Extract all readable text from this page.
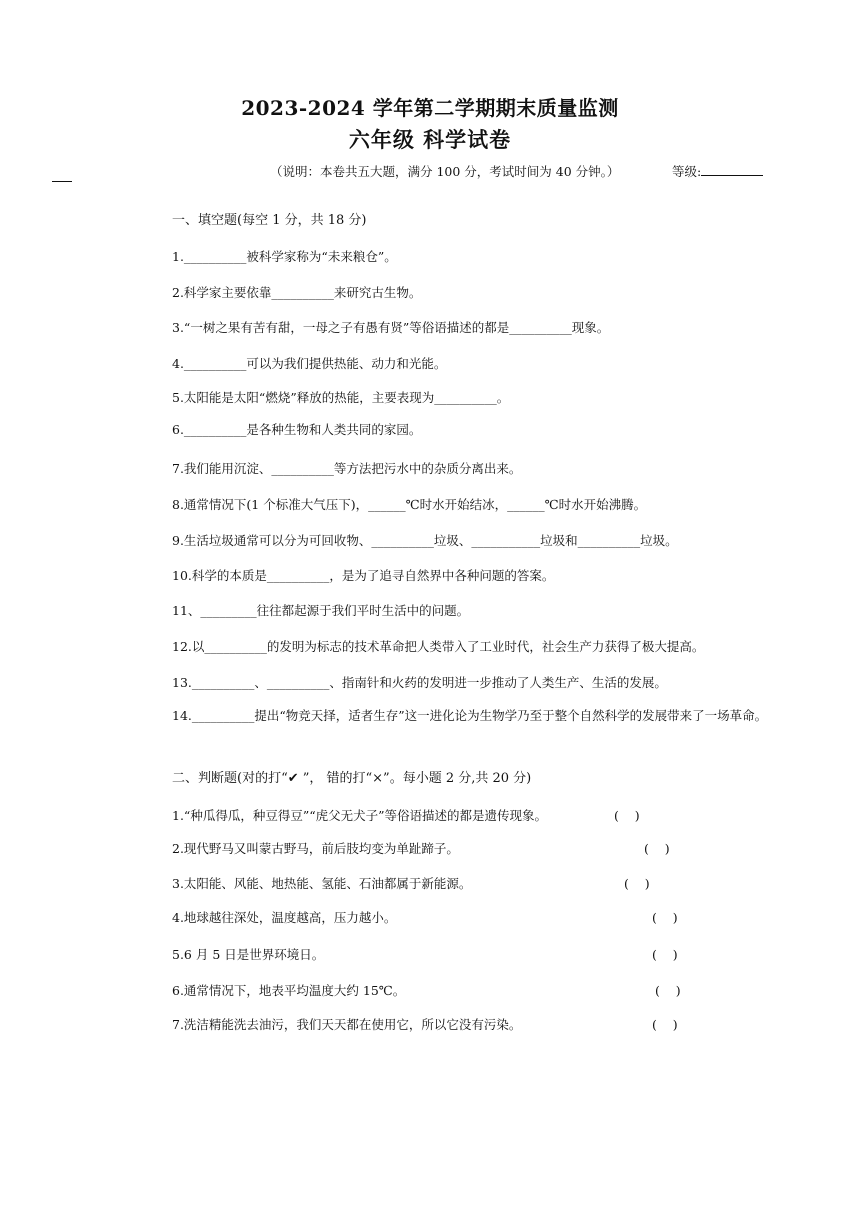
2023-2024 学年第二学期期末质量监测
六年级 科学试卷
（说明：本卷共五大题，满分 100 分，考试时间为 40 分钟。）	等级:
一、填空题(每空 1 分，共 18 分)
1.__________被科学家称为“未来粮仓”。
2.科学家主要依靠__________来研究古生物。
3.“一树之果有苦有甜，一母之子有愚有贤”等俗语描述的都是__________现象。
4.__________可以为我们提供热能、动力和光能。
5.太阳能是太阳“燃烧”释放的热能，主要表现为__________。
6.__________是各种生物和人类共同的家园。
7.我们能用沉淀、__________等方法把污水中的杂质分离出来。
8.通常情况下(1 个标准大气压下)，______℃时水开始结冰，______℃时水开始沸腾。
9.生活垃圾通常可以分为可回收物、__________垃圾、___________垃圾和__________垃圾。
10.科学的本质是__________，是为了追寻自然界中各种问题的答案。
11、_________往往都起源于我们平时生活中的问题。
12.以__________的发明为标志的技术革命把人类带入了工业时代，社会生产力获得了极大提高。
13.__________、__________、指南针和火药的发明进一步推动了人类生产、生活的发展。
14.__________提出“物竞天择，适者生存”这一进化论为生物学乃至于整个自然科学的发展带来了一场革命。
二、判断题(对的打“✔ ”， 错的打“×”。每小题 2 分,共 20 分)
1.“种瓜得瓜，种豆得豆”“虎父无犬子”等俗语描述的都是遗传现象。	(    )
2.现代野马又叫蒙古野马，前后肢均变为单趾蹄子。	(    )
3.太阳能、风能、地热能、氢能、石油都属于新能源。	(    )
4.地球越往深处，温度越高，压力越小。	(    )
5.6 月 5 日是世界环境日。	(    )
6.通常情况下，地表平均温度大约 15℃。	(    )
7.洗洁精能洗去油污，我们天天都在使用它，所以它没有污染。	(    )
